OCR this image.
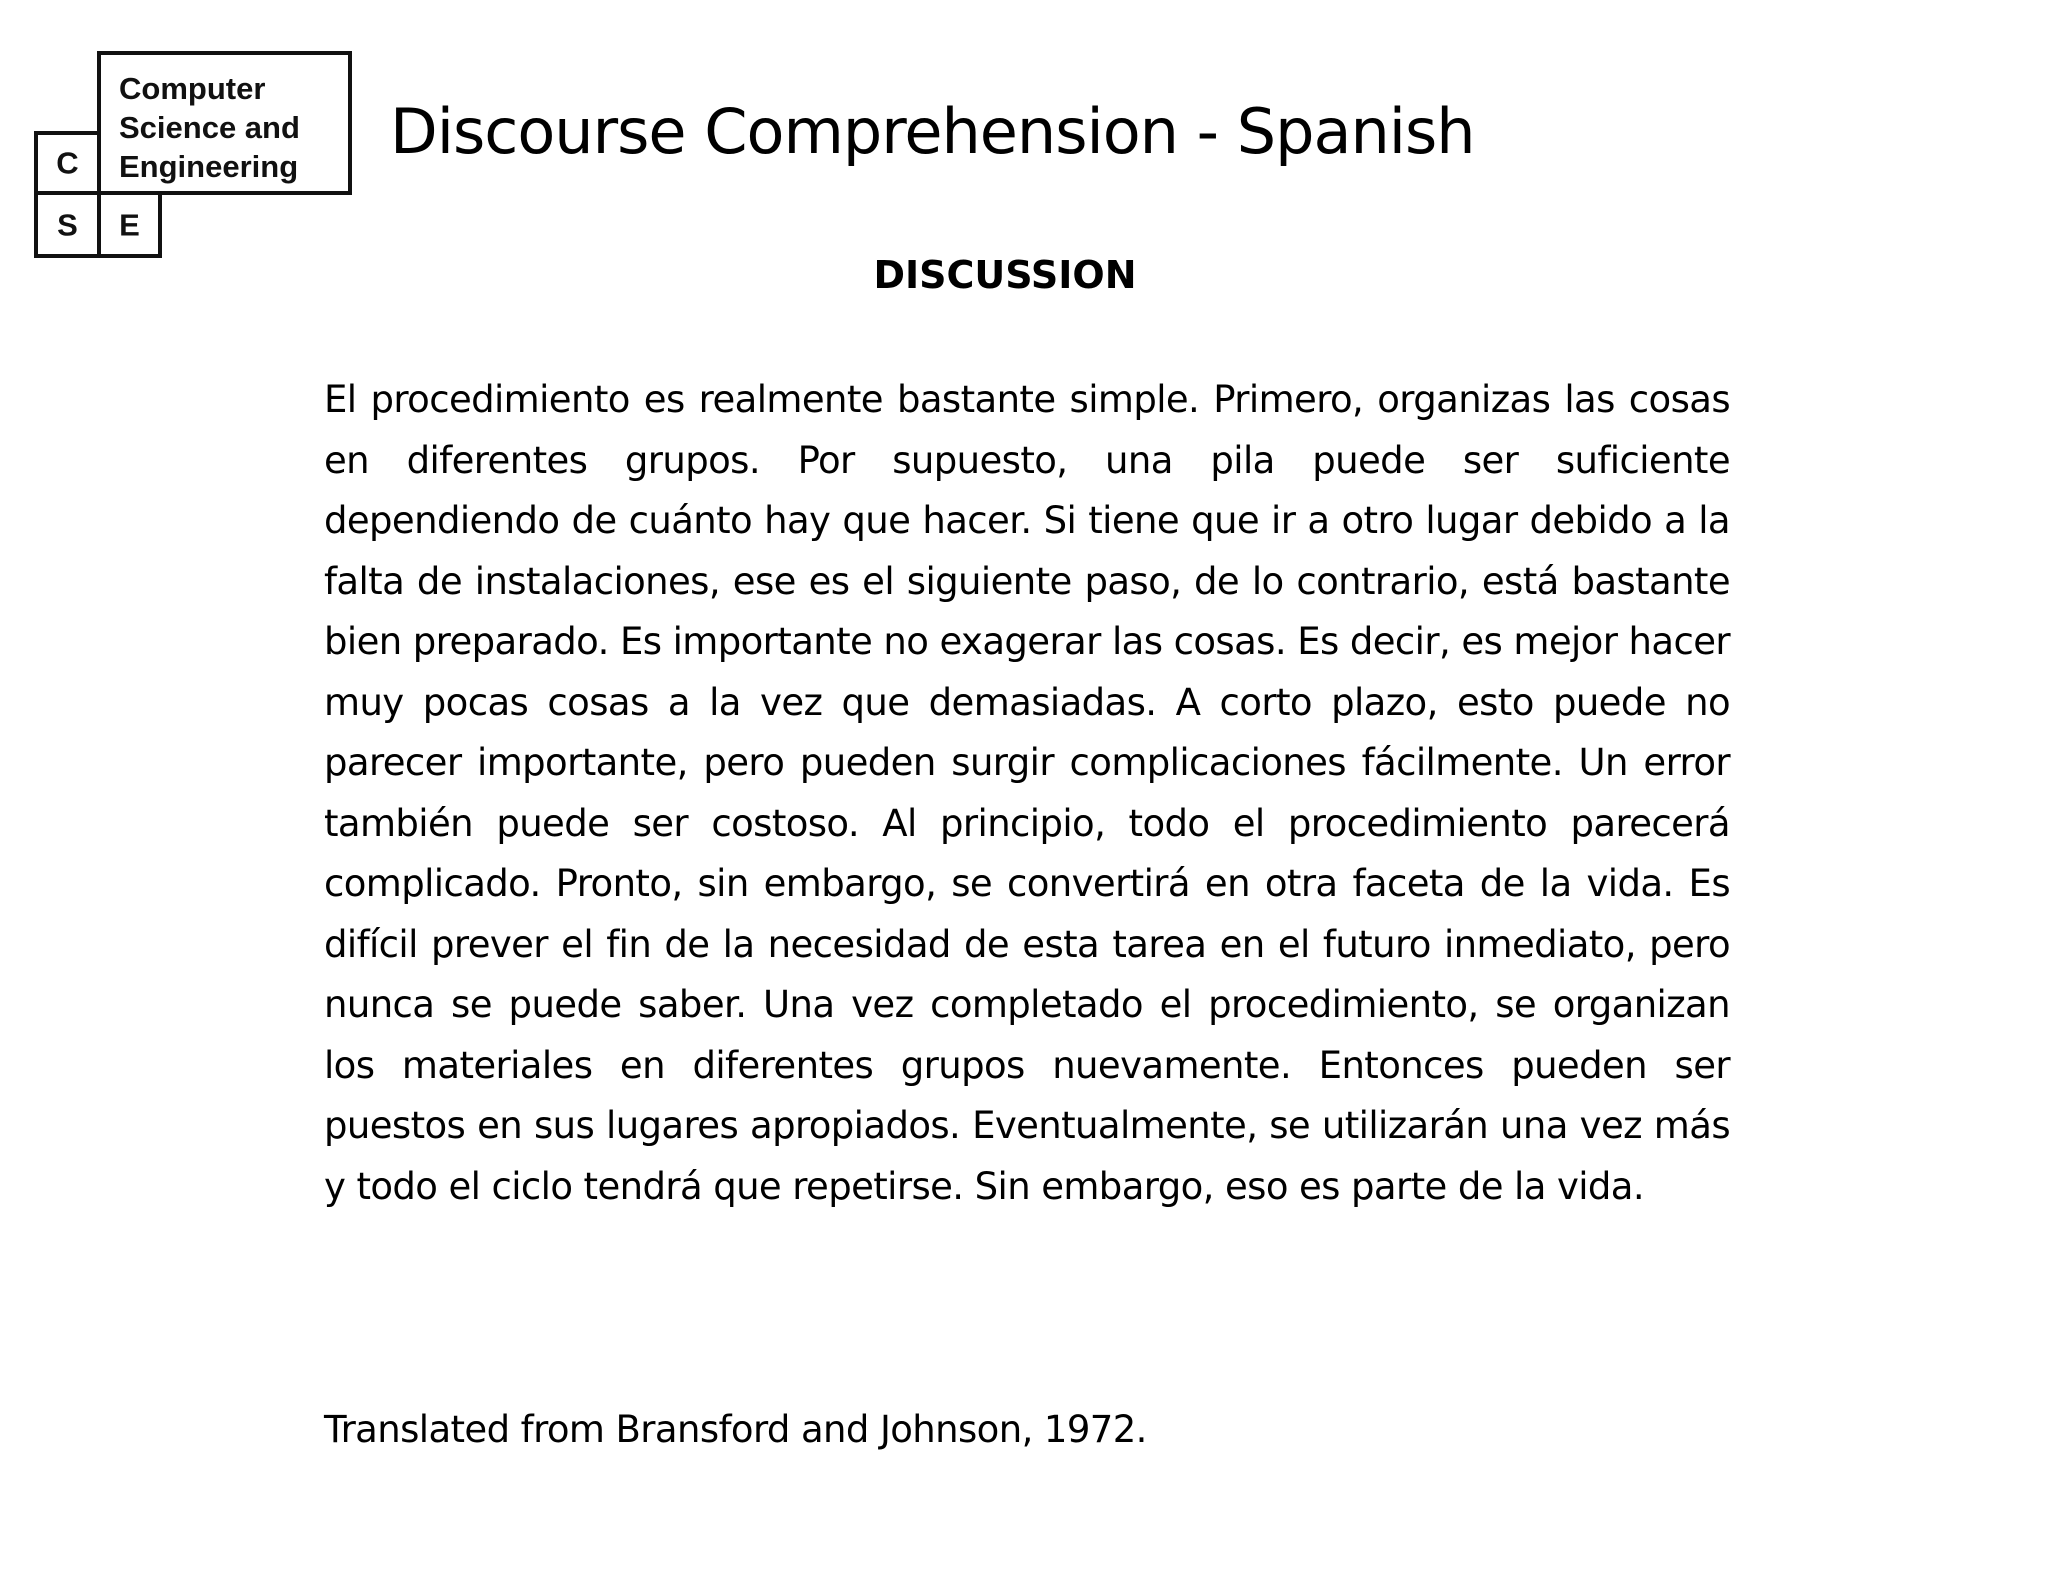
Computer
Science and
Engineering
C
S	E
Discourse Comprehension - Spanish
DISCUSSION

El procedimiento es realmente bastante simple. Primero, organizas las cosas en diferentes grupos. Por supuesto, una pila puede ser suficiente dependiendo de cuánto hay que hacer. Si tiene que ir a otro lugar debido a la falta de instalaciones, ese es el siguiente paso, de lo contrario, está bastante bien preparado. Es importante no exagerar las cosas. Es decir, es mejor hacer muy pocas cosas a la vez que demasiadas. A corto plazo, esto puede no parecer importante, pero pueden surgir complicaciones fácilmente. Un error también puede ser costoso. Al principio, todo el procedimiento parecerá complicado. Pronto, sin embargo, se convertirá en otra faceta de la vida. Es difícil prever el fin de la necesidad de esta tarea en el futuro inmediato, pero nunca se puede saber. Una vez completado el procedimiento, se organizan los materiales en diferentes grupos nuevamente. Entonces pueden ser puestos en sus lugares apropiados. Eventualmente, se utilizarán una vez más y todo el ciclo tendrá que repetirse. Sin embargo, eso es parte de la vida.

Translated from Bransford and Johnson, 1972.
